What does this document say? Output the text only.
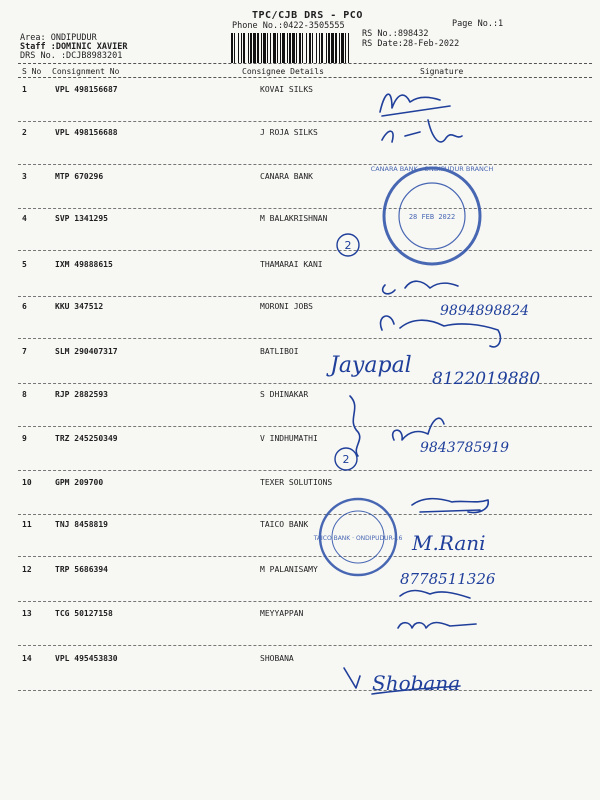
TPC/CJB DRS - PCO
Phone No.:0422-3505555	Page No.:1
RS No.:898432
RS Date:28-Feb-2022
Area: ONDIPUDUR
Staff :DOMINIC XAVIER
DRS No. :DCJB8983201
S No Consignment No	Consignee Details	Signature
1	VPL 498156687	KOVAI SILKS
2	VPL 498156688	J ROJA SILKS
3	MTP 670296	CANARA BANK
4	SVP 1341295	M BALAKRISHNAN
5	IXM 49888615	THAMARAI KANI
6	KKU 347512	MORONI JOBS
7	SLM 290407317	BATLIBOI
8	RJP 2882593	S DHINAKAR
9	TRZ 245250349	V INDHUMATHI
10	GPM 209700	TEXER SOLUTIONS
11	TNJ 8458819	TAICO BANK
12	TRP 5686394	M PALANISAMY
13	TCG 50127158	MEYYAPPAN
14	VPL 495453830	SHOBANA
CANARA BANK · ONDIPUDUR BRANCH
28 FEB 2022
TAICO BANK · ONDIPUDUR-16
9894898824
Jayapal
8122019880
9843785919
M.Rani
8778511326
Shobana
2
2
